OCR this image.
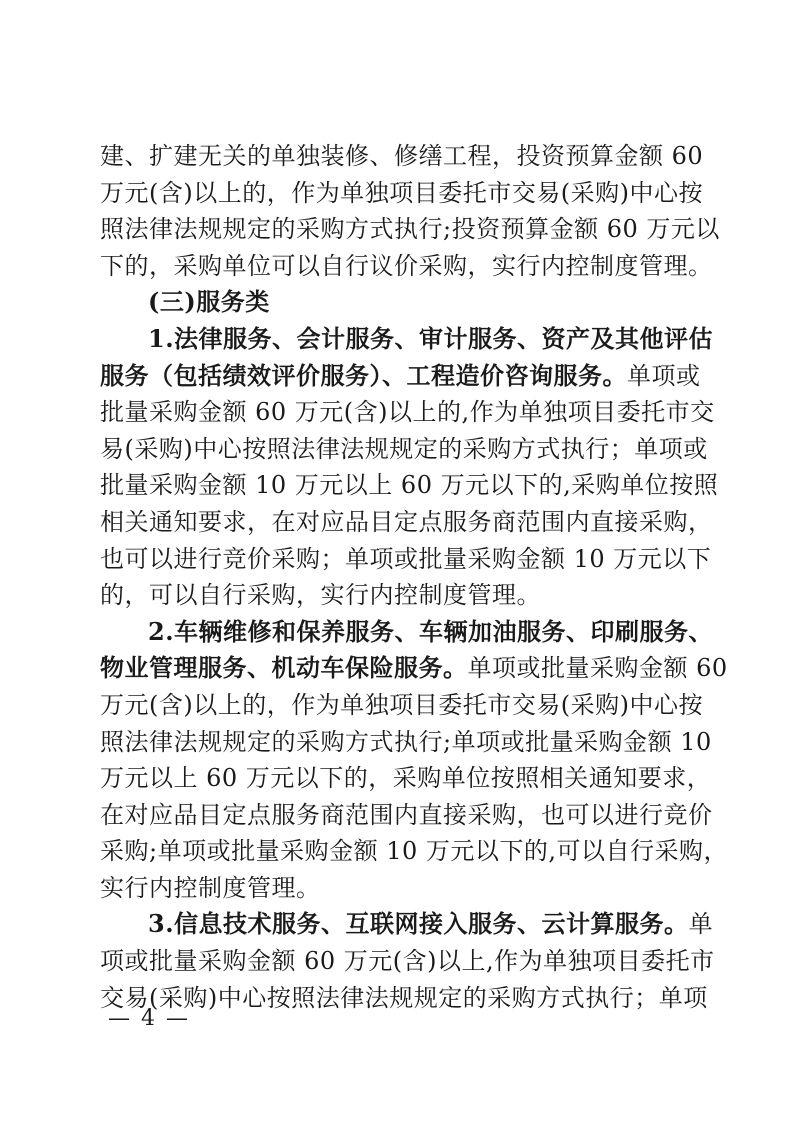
建、扩建无关的单独装修、修缮工程，投资预算金额 60
万元(含)以上的，作为单独项目委托市交易(采购)中心按
照法律法规规定的采购方式执行;投资预算金额 60 万元以
下的，采购单位可以自行议价采购，实行内控制度管理。
(三)服务类
1.法律服务、会计服务、审计服务、资产及其他评估
服务（包括绩效评价服务）、工程造价咨询服务。单项或
批量采购金额 60 万元(含)以上的,作为单独项目委托市交
易(采购)中心按照法律法规规定的采购方式执行；单项或
批量采购金额 10 万元以上 60 万元以下的,采购单位按照
相关通知要求，在对应品目定点服务商范围内直接采购，
也可以进行竞价采购；单项或批量采购金额 10 万元以下
的，可以自行采购，实行内控制度管理。
2.车辆维修和保养服务、车辆加油服务、印刷服务、
物业管理服务、机动车保险服务。单项或批量采购金额 60
万元(含)以上的，作为单独项目委托市交易(采购)中心按
照法律法规规定的采购方式执行;单项或批量采购金额 10
万元以上 60 万元以下的，采购单位按照相关通知要求，
在对应品目定点服务商范围内直接采购，也可以进行竞价
采购;单项或批量采购金额 10 万元以下的,可以自行采购，
实行内控制度管理。
3.信息技术服务、互联网接入服务、云计算服务。单
项或批量采购金额 60 万元(含)以上,作为单独项目委托市
交易(采购)中心按照法律法规规定的采购方式执行；单项
— 4 —
